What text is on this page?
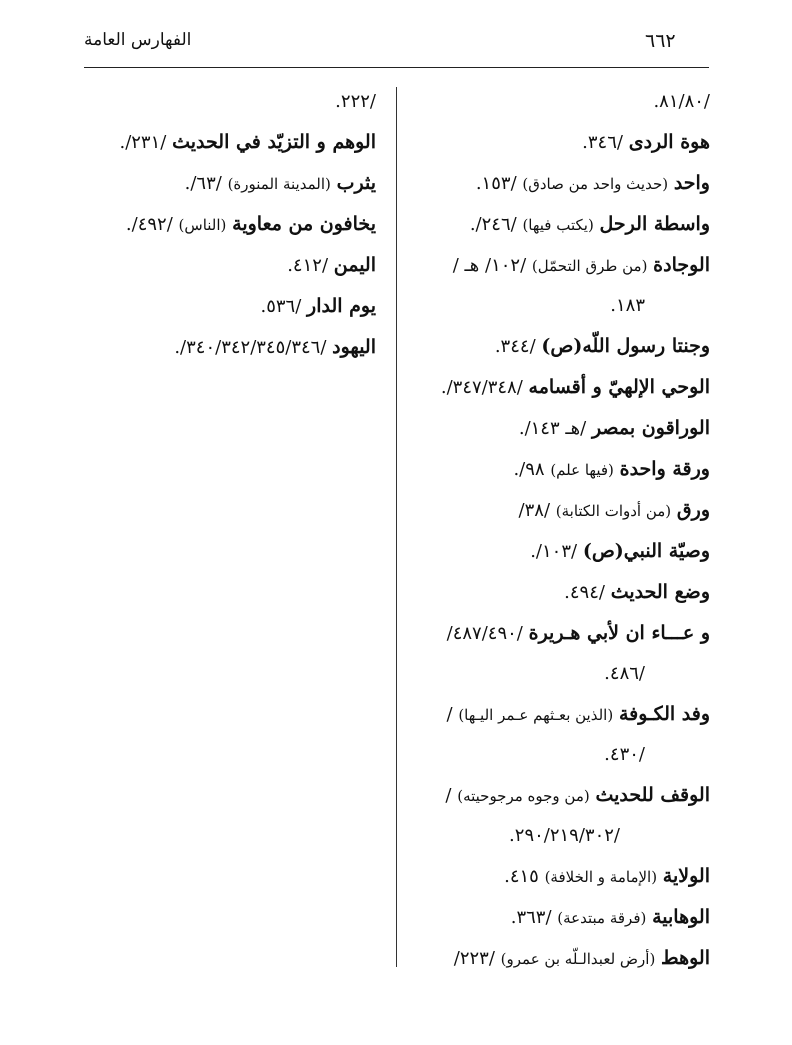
٦٦٢
الفهارس العامة
/٨١/٨٠.
هوة الردى /٣٤٦.
واحد (حديث واحد من صادق) /١٥٣.
واسطة الرحل (يكتب فيها) /٢٤٦/.
الوجادة (من طرق التحمّل) /١٠٢/ هـ /
١٨٣.
وجنتا رسول اللّه(ص) /٣٤٤.
الوحي الإلهيّ و أقسامه /٣٤٧/٣٤٨/.
الوراقون بمصر /هـ ١٤٣/.
ورقة واحدة (فيها علم) ٩٨/.
ورق (من أدوات الكتابة) /٣٨/
وصيّة النبي(ص) /١٠٣/.
وضع الحديث /٤٩٤.
و عـــاء ان لأبي هـريرة /٤٨٧/٤٩٠/
/٤٨٦.
وفد الكـوفة (الذين بعـثهم عـمر اليـها) /
/٤٣٠.
الوقف للحديث (من وجوه مرجوحيته) /
/٢٩٠/٢١٩/٣٠٢.
الولاية (الإمامة و الخلافة) ٤١٥.
الوهابية (فرقة مبتدعة) /٣٦٣.
الوهط (أرض لعبدالـلّه بن عمرو) /٢٢٣/
/٢٢٢.
الوهم و التزيّد في الحديث /٢٣١/.
يثرب (المدينة المنورة) /٦٣/.
يخافون من معاوية (الناس) /٤٩٢/.
اليمن /٤١٢.
يوم الدار /٥٣٦.
اليهود /٣٤٠/٣٤٢/٣٤٥/٣٤٦/.
